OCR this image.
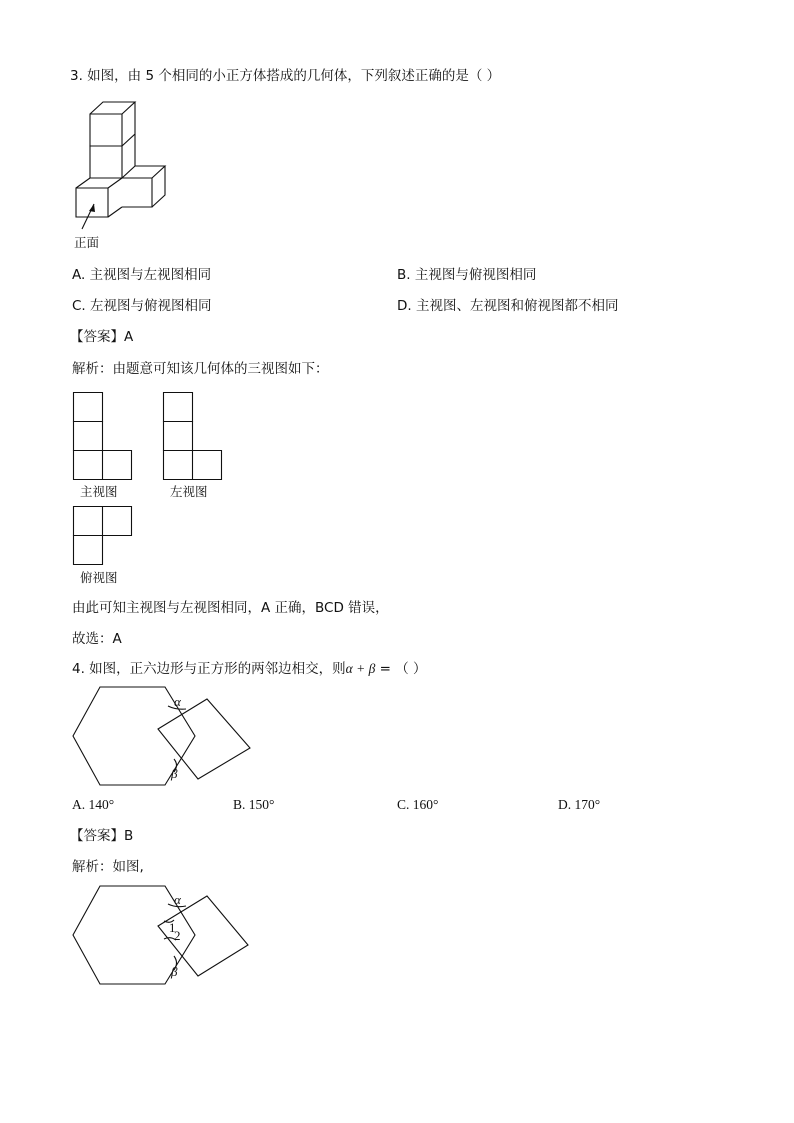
3. 如图，由 5 个相同的小正方体搭成的几何体，下列叙述正确的是（ ）
正面
A. 主视图与左视图相同	B. 主视图与俯视图相同
C. 左视图与俯视图相同	D. 主视图、左视图和俯视图都不相同
【答案】A
解析：由题意可知该几何体的三视图如下：
主视图	左视图
俯视图
由此可知主视图与左视图相同，A 正确，BCD 错误，
故选：A
4. 如图，正六边形与正方形的两邻边相交，则α + β = （ ）
α
β
A. 140°	B. 150°	C. 160°	D. 170°
【答案】B
解析：如图,
α
1
2
β
